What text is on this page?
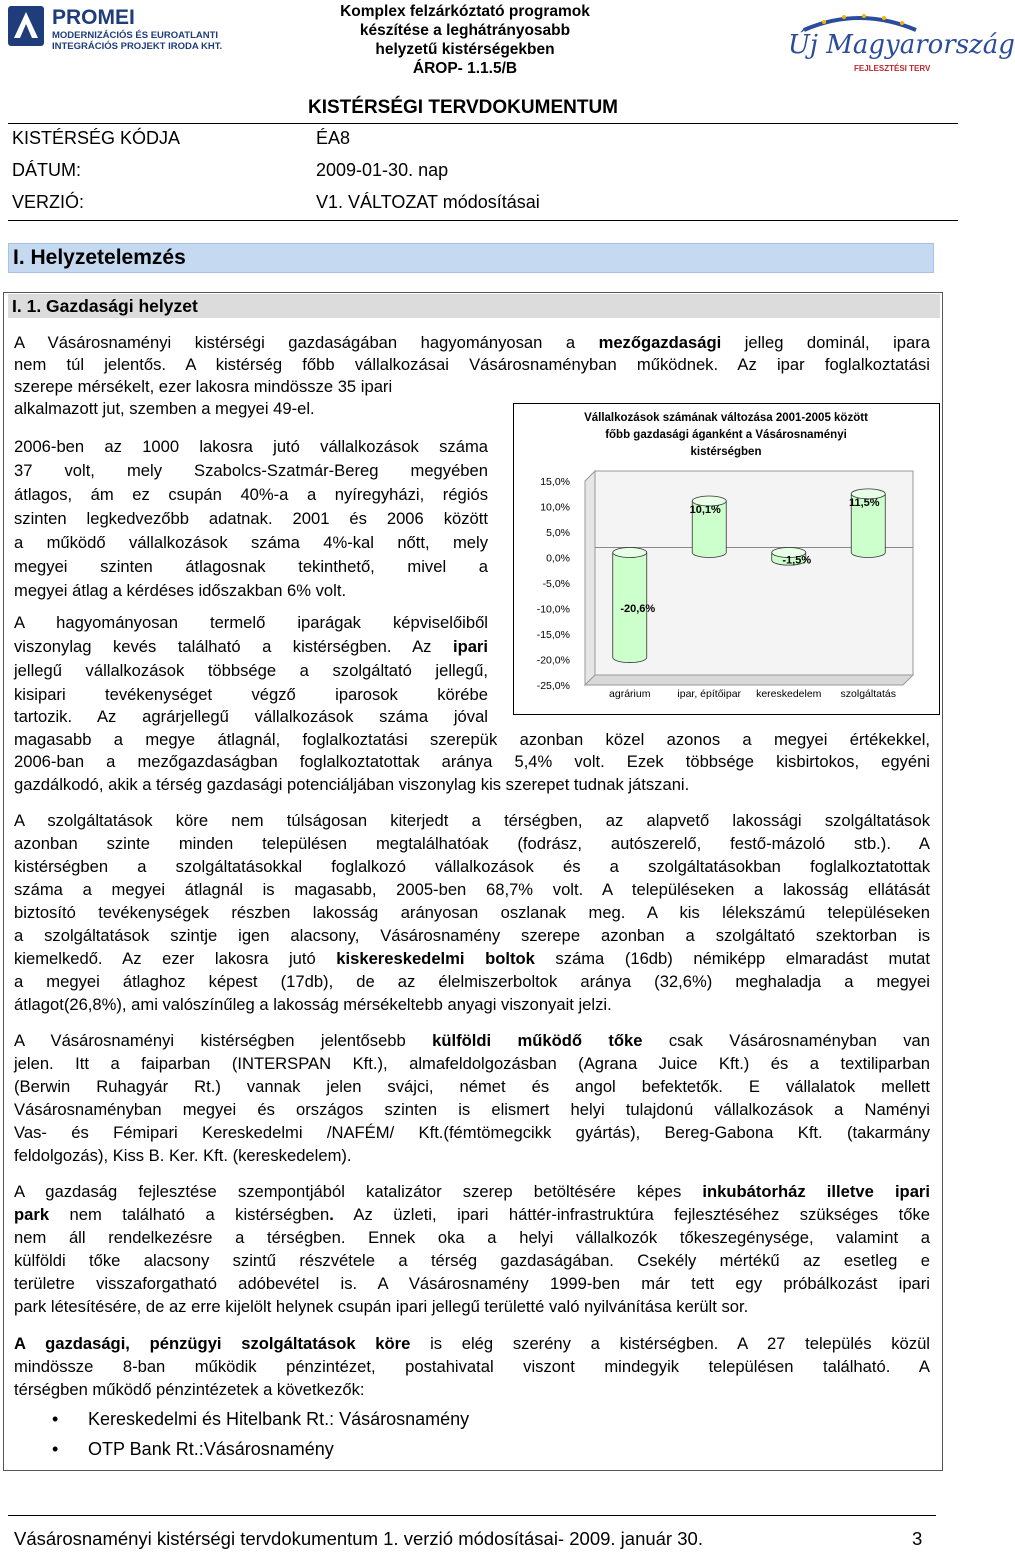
PROMEI
MODERNIZÁCIÓS ÉS EUROATLANTI
INTEGRÁCIÓS PROJEKT IRODA KHT.
Komplex felzárkóztató programok
készítése a leghátrányosabb
helyzetű kistérségekben
ÁROP- 1.1.5/B
Új Magyarország
FEJLESZTÉSI TERV
KISTÉRSÉGI TERVDOKUMENTUM
KISTÉRSÉG KÓDJA	ÉA8
DÁTUM:	2009-01-30. nap
VERZIÓ:	V1. VÁLTOZAT módosításai
I. Helyzetelemzés
I. 1. Gazdasági helyzet
A Vásárosnaményi kistérségi gazdaságában hagyományosan a mezőgazdasági jelleg dominál, ipara
nem túl jelentős. A kistérség főbb vállalkozásai Vásárosnaményban működnek. Az ipar foglalkoztatási
szerepe mérsékelt, ezer lakosra mindössze 35 ipari
alkalmazott jut, szemben a megyei 49-el.
2006-ben az 1000 lakosra jutó vállalkozások száma
37 volt, mely Szabolcs-Szatmár-Bereg megyében
átlagos, ám ez csupán 40%-a a nyíregyházi, régiós
szinten legkedvezőbb adatnak. 2001 és 2006 között
a működő vállalkozások száma 4%-kal nőtt, mely
megyei szinten átlagosnak tekinthető, mivel a
megyei átlag a kérdéses időszakban 6% volt.
A hagyományosan termelő iparágak képviselőiből
viszonylag kevés található a kistérségben. Az ipari
jellegű vállalkozások többsége a szolgáltató jellegű,
kisipari tevékenységet végző iparosok körébe
tartozik. Az agrárjellegű vállalkozások száma jóval
magasabb a megye átlagnál, foglalkoztatási szerepük azonban közel azonos a megyei értékekkel,
2006-ban a mezőgazdaságban foglalkoztatottak aránya 5,4% volt. Ezek többsége kisbirtokos, egyéni
gazdálkodó, akik a térség gazdasági potenciáljában viszonylag kis szerepet tudnak játszani.
A szolgáltatások köre nem túlságosan kiterjedt a térségben, az alapvető lakossági szolgáltatások
azonban szinte minden településen megtalálhatóak (fodrász, autószerelő, festő-mázoló stb.). A
kistérségben a szolgáltatásokkal foglalkozó vállalkozások és a szolgáltatásokban foglalkoztatottak
száma a megyei átlagnál is magasabb, 2005-ben 68,7% volt. A településeken a lakosság ellátását
biztosító tevékenységek részben lakosság arányosan oszlanak meg. A kis lélekszámú településeken
a szolgáltatások szintje igen alacsony, Vásárosnamény szerepe azonban a szolgáltató szektorban is
kiemelkedő. Az ezer lakosra jutó kiskereskedelmi boltok száma (16db) némiképp elmaradást mutat
a megyei átlaghoz képest (17db), de az élelmiszerboltok aránya (32,6%) meghaladja a megyei
átlagot(26,8%), ami valószínűleg a lakosság mérsékeltebb anyagi viszonyait jelzi.
A Vásárosnaményi kistérségben jelentősebb külföldi működő tőke csak Vásárosnaményban van
jelen. Itt a faiparban (INTERSPAN Kft.), almafeldolgozásban (Agrana Juice Kft.) és a textiliparban
(Berwin Ruhagyár Rt.) vannak jelen svájci, német és angol befektetők. E vállalatok mellett
Vásárosnaményban megyei és országos szinten is elismert helyi tulajdonú vállalkozások a Naményi
Vas- és Fémipari Kereskedelmi /NAFÉM/ Kft.(fémtömegcikk gyártás), Bereg-Gabona Kft. (takarmány
feldolgozás), Kiss B. Ker. Kft. (kereskedelem).
A gazdaság fejlesztése szempontjából katalizátor szerep betöltésére képes inkubátorház illetve ipari
park nem található a kistérségben. Az üzleti, ipari háttér-infrastruktúra fejlesztéséhez szükséges tőke
nem áll rendelkezésre a térségben. Ennek oka a helyi vállalkozók tőkeszegénysége, valamint a
külföldi tőke alacsony szintű részvétele a térség gazdaságában. Csekély mértékű az esetleg e
területre visszaforgatható adóbevétel is. A Vásárosnamény 1999-ben már tett egy próbálkozást ipari
park létesítésére, de az erre kijelölt helynek csupán ipari jellegű területté való nyilvánítása került sor.
A gazdasági, pénzügyi szolgáltatások köre is elég szerény a kistérségben. A 27 település közül
mindössze 8-ban működik pénzintézet, postahivatal viszont mindegyik településen található. A
térségben működő pénzintézetek a következők:
• Kereskedelmi és Hitelbank Rt.: Vásárosnamény
• OTP Bank Rt.:Vásárosnamény
Vállalkozások számának változása 2001-2005 között
főbb gazdasági áganként a Vásárosnaményi
kistérségben
15,0%
10,0%
5,0%
0,0%
-5,0%
-10,0%
-15,0%
-20,0%
-25,0%
-20,6%
agrárium
10,1%
ipar, építőipar
-1,5%
kereskedelem
11,5%
szolgáltatás
Vásárosnaményi kistérségi tervdokumentum 1. verzió módosításai- 2009. január 30.	3
